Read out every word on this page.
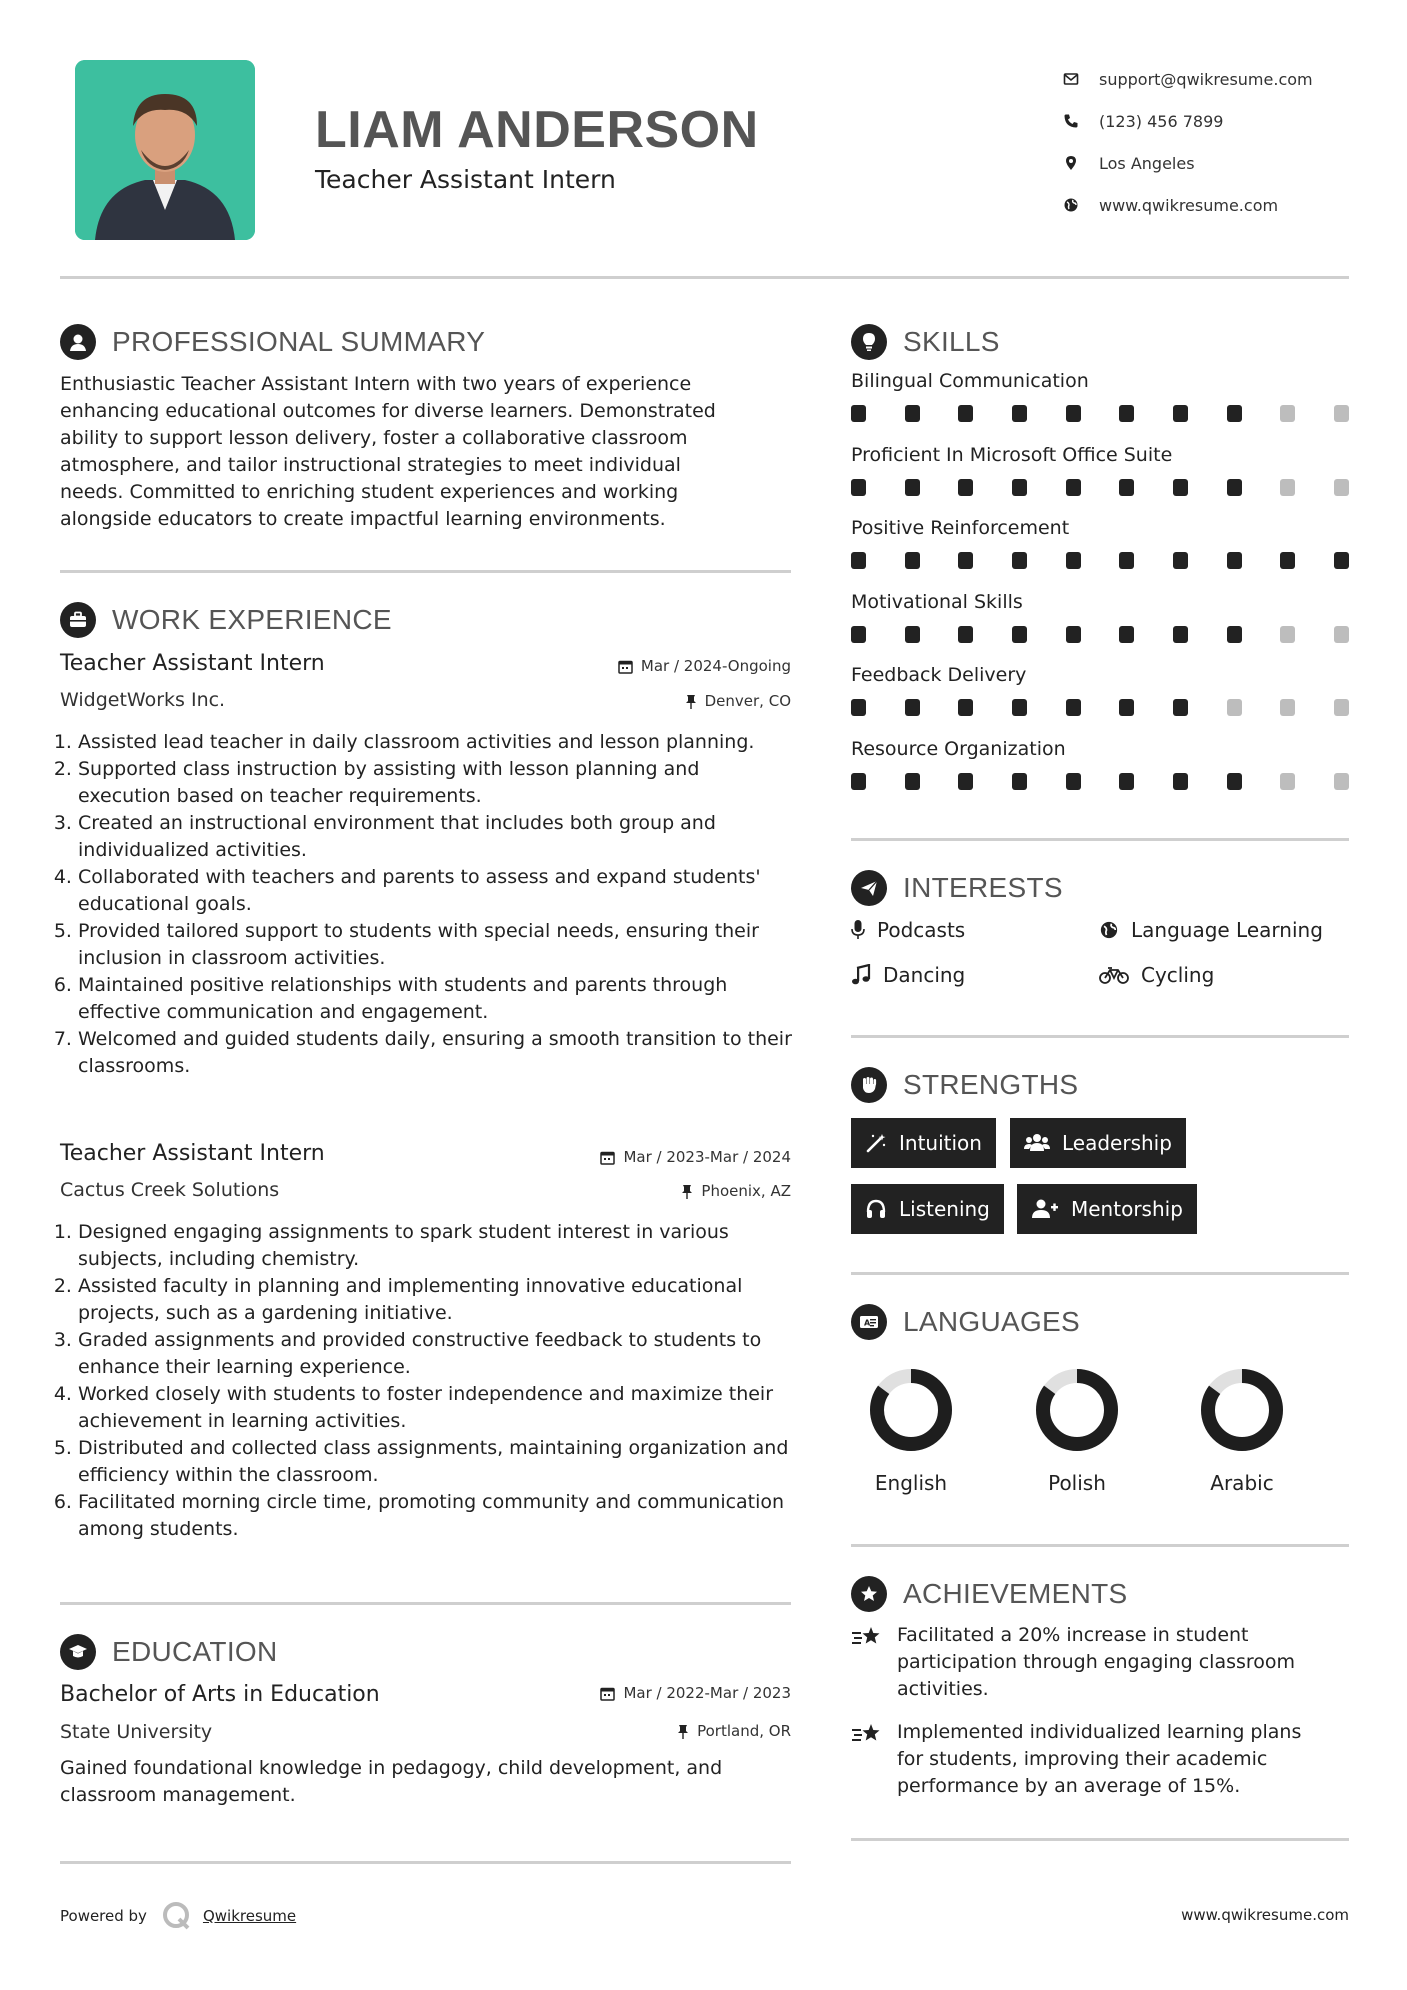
LIAM ANDERSON
Teacher Assistant Intern
support@qwikresume.com
(123) 456 7899
Los Angeles
www.qwikresume.com
PROFESSIONAL SUMMARY
Enthusiastic Teacher Assistant Intern with two years of experience
enhancing educational outcomes for diverse learners. Demonstrated
ability to support lesson delivery, foster a collaborative classroom
atmosphere, and tailor instructional strategies to meet individual
needs. Committed to enriching student experiences and working
alongside educators to create impactful learning environments.
WORK EXPERIENCE
Teacher Assistant Intern	Mar / 2024-Ongoing
WidgetWorks Inc.	Denver, CO
1. Assisted lead teacher in daily classroom activities and lesson planning.
2. Supported class instruction by assisting with lesson planning and execution based on teacher requirements.
3. Created an instructional environment that includes both group and individualized activities.
4. Collaborated with teachers and parents to assess and expand students' educational goals.
5. Provided tailored support to students with special needs, ensuring their inclusion in classroom activities.
6. Maintained positive relationships with students and parents through effective communication and engagement.
7. Welcomed and guided students daily, ensuring a smooth transition to their classrooms.
Teacher Assistant Intern	Mar / 2023-Mar / 2024
Cactus Creek Solutions	Phoenix, AZ
1. Designed engaging assignments to spark student interest in various subjects, including chemistry.
2. Assisted faculty in planning and implementing innovative educational projects, such as a gardening initiative.
3. Graded assignments and provided constructive feedback to students to enhance their learning experience.
4. Worked closely with students to foster independence and maximize their achievement in learning activities.
5. Distributed and collected class assignments, maintaining organization and efficiency within the classroom.
6. Facilitated morning circle time, promoting community and communication among students.
EDUCATION
Bachelor of Arts in Education	Mar / 2022-Mar / 2023
State University	Portland, OR
Gained foundational knowledge in pedagogy, child development, and classroom management.
SKILLS
Bilingual Communication
Proficient In Microsoft Office Suite
Positive Reinforcement
Motivational Skills
Feedback Delivery
Resource Organization
INTERESTS
Podcasts	Language Learning
Dancing	Cycling
STRENGTHS
Intuition	Leadership
Listening	Mentorship
A LANGUAGES
English	Polish	Arabic
ACHIEVEMENTS
Facilitated a 20% increase in student
participation through engaging classroom
activities.
Implemented individualized learning plans
for students, improving their academic
performance by an average of 15%.
Powered by	Qwikresume	www.qwikresume.com
